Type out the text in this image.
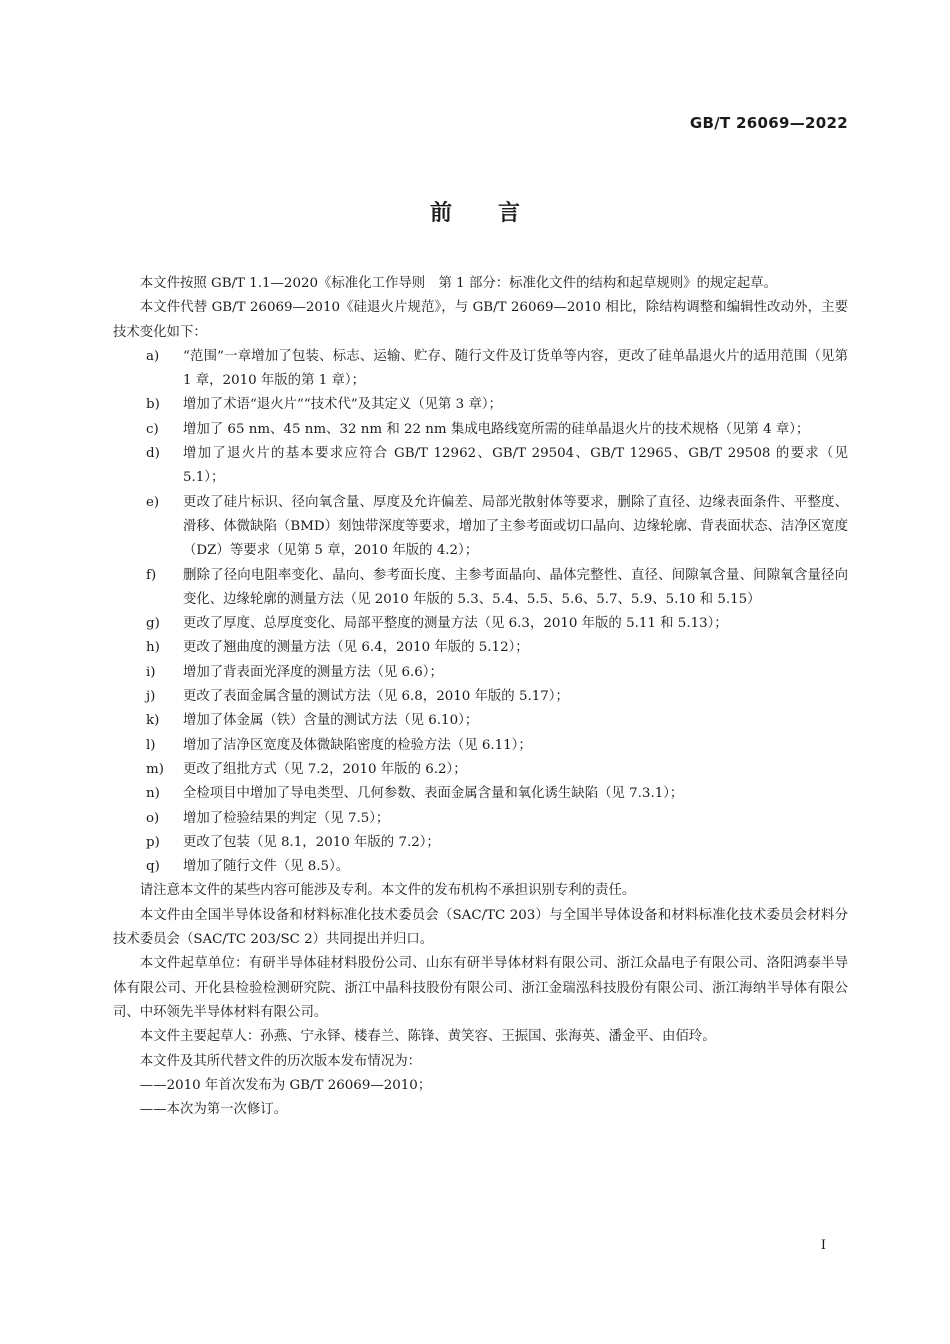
GB/T 26069—2022
前言

本文件按照 GB/T 1.1—2020《标准化工作导则　第 1 部分：标准化文件的结构和起草规则》的规定起草。

本文件代替 GB/T 26069—2010《硅退火片规范》，与 GB/T 26069—2010 相比，除结构调整和编辑性改动外，主要技术变化如下：

a) “范围”一章增加了包装、标志、运输、贮存、随行文件及订货单等内容，更改了硅单晶退火片的适用范围（见第 1 章，2010 年版的第 1 章）；
b) 增加了术语“退火片”“技术代”及其定义（见第 3 章）；
c) 增加了 65 nm、45 nm、32 nm 和 22 nm 集成电路线宽所需的硅单晶退火片的技术规格（见第 4 章）；
d) 增加了退火片的基本要求应符合 GB/T 12962、GB/T 29504、GB/T 12965、GB/T 29508 的要求（见 5.1）；
e) 更改了硅片标识、径向氧含量、厚度及允许偏差、局部光散射体等要求，删除了直径、边缘表面条件、平整度、滑移、体微缺陷（BMD）刻蚀带深度等要求，增加了主参考面或切口晶向、边缘轮廓、背表面状态、洁净区宽度（DZ）等要求（见第 5 章，2010 年版的 4.2）；
f) 删除了径向电阻率变化、晶向、参考面长度、主参考面晶向、晶体完整性、直径、间隙氧含量、间隙氧含量径向变化、边缘轮廓的测量方法（见 2010 年版的 5.3、5.4、5.5、5.6、5.7、5.9、5.10 和 5.15）
g) 更改了厚度、总厚度变化、局部平整度的测量方法（见 6.3，2010 年版的 5.11 和 5.13）；
h) 更改了翘曲度的测量方法（见 6.4，2010 年版的 5.12）；
i) 增加了背表面光泽度的测量方法（见 6.6）；
j) 更改了表面金属含量的测试方法（见 6.8，2010 年版的 5.17）；
k) 增加了体金属（铁）含量的测试方法（见 6.10）；
l) 增加了洁净区宽度及体微缺陷密度的检验方法（见 6.11）；
m) 更改了组批方式（见 7.2，2010 年版的 6.2）；
n) 全检项目中增加了导电类型、几何参数、表面金属含量和氧化诱生缺陷（见 7.3.1）；
o) 增加了检验结果的判定（见 7.5）；
p) 更改了包装（见 8.1，2010 年版的 7.2）；
q) 增加了随行文件（见 8.5）。

请注意本文件的某些内容可能涉及专利。本文件的发布机构不承担识别专利的责任。

本文件由全国半导体设备和材料标准化技术委员会（SAC/TC 203）与全国半导体设备和材料标准化技术委员会材料分技术委员会（SAC/TC 203/SC 2）共同提出并归口。

本文件起草单位：有研半导体硅材料股份公司、山东有研半导体材料有限公司、浙江众晶电子有限公司、洛阳鸿泰半导体有限公司、开化县检验检测研究院、浙江中晶科技股份有限公司、浙江金瑞泓科技股份有限公司、浙江海纳半导体有限公司、中环领先半导体材料有限公司。

本文件主要起草人：孙燕、宁永铎、楼春兰、陈锋、黄笑容、王振国、张海英、潘金平、由佰玲。

本文件及其所代替文件的历次版本发布情况为：

——2010 年首次发布为 GB/T 26069—2010；

——本次为第一次修订。

I
